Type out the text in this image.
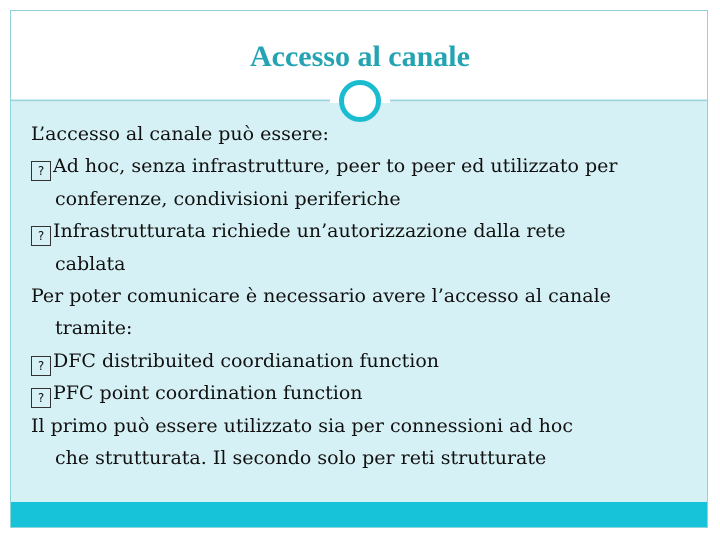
Accesso al canale

L’accesso al canale può essere:

? Ad hoc, senza infrastrutture, peer to peer ed utilizzato per

conferenze, condivisioni periferiche

? Infrastrutturata richiede un’autorizzazione dalla rete

cablata

Per poter comunicare è necessario avere l’accesso al canale

tramite:

? DFC distribuited coordianation function

? PFC point coordination function

Il primo può essere utilizzato sia per connessioni ad hoc

che strutturata. Il secondo solo per reti strutturate
